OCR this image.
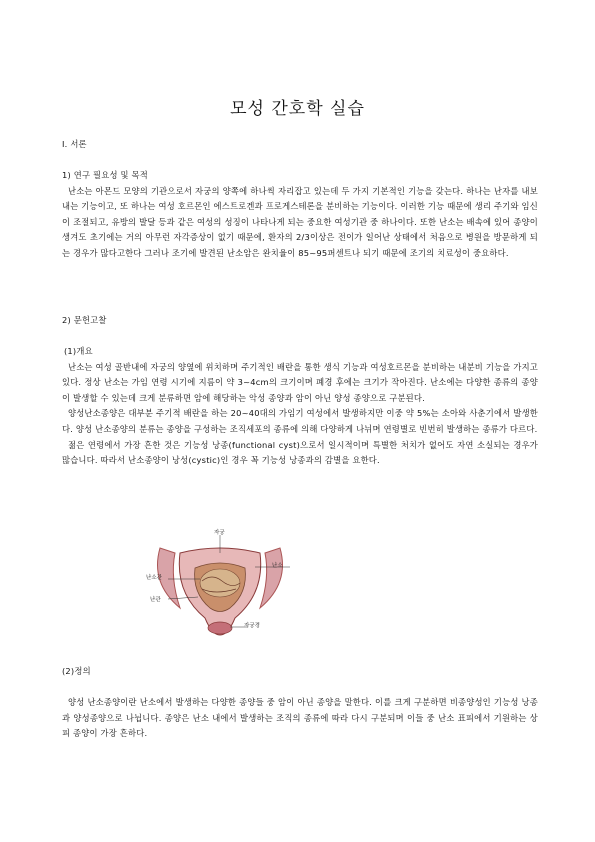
모성 간호학 실습

Ⅰ. 서론

1) 연구 필요성 및 목적

난소는 아몬드 모양의 기관으로서 자궁의 양쪽에 하나씩 자리잡고 있는데 두 가지 기본적인 기능을 갖는다. 하나는 난자를 내보내는 기능이고, 또 하나는 여성 호르몬인 에스트로겐과 프로게스테론을 분비하는 기능이다. 이러한 기능 때문에 생리 주기와 임신이 조절되고, 유방의 발달 등과 같은 여성의 성징이 나타나게 되는 중요한 여성기관 중 하나이다. 또한 난소는 배속에 있어 종양이 생겨도 초기에는 거의 아무런 자각증상이 없기 때문에, 환자의 2/3이상은 전이가 일어난 상태에서 처음으로 병원을 방문하게 되는 경우가 많다고한다 그러나 조기에 발견된 난소암은 완치율이 85~95퍼센트나 되기 때문에 조기의 치료성이 중요하다.

2) 문헌고찰

(1)개요

난소는 여성 골반내에 자궁의 양옆에 위치하며 주기적인 배란을 통한 생식 기능과 여성호르몬을 분비하는 내분비 기능을 가지고 있다. 정상 난소는 가임 연령 시기에 지름이 약 3~4cm의 크기이며 폐경 후에는 크기가 작아진다. 난소에는 다양한 종류의 종양이 발생할 수 있는데 크게 분류하면 암에 해당하는 악성 종양과 암이 아닌 양성 종양으로 구분된다.

양성난소종양은 대부분 주기적 배란을 하는 20~40대의 가임기 여성에서 발생하지만 이중 약 5%는 소아와 사춘기에서 발생한다. 양성 난소종양의 분류는 종양을 구성하는 조직세포의 종류에 의해 다양하게 나뉘며 연령별로 빈번히 발생하는 종류가 다르다.

젊은 연령에서 가장 흔한 것은 기능성 낭종(functional cyst)으로서 일시적이며 특별한 처치가 없어도 자연 소실되는 경우가 많습니다. 따라서 난소종양이 낭성(cystic)인 경우 꼭 기능성 낭종과의 감별을 요한다.

자궁
난소
난소관
난관
자궁경

(2)정의

양성 난소종양이란 난소에서 발생하는 다양한 종양들 중 암이 아닌 종양을 말한다. 이를 크게 구분하면 비종양성인 기능성 낭종과 양성종양으로 나뉩니다. 종양은 난소 내에서 발생하는 조직의 종류에 따라 다시 구분되며 이들 중 난소 표피에서 기원하는 상피 종양이 가장 흔하다.
